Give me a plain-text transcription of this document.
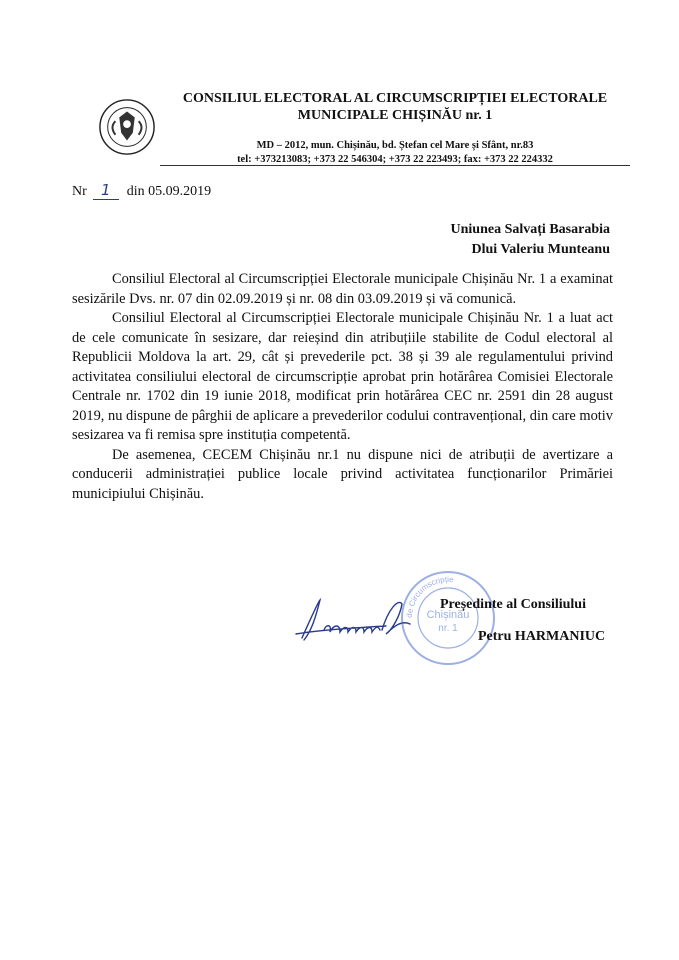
CONSILIUL ELECTORAL AL CIRCUMSCRIPȚIEI ELECTORALE
MUNICIPALE CHIȘINĂU nr. 1
MD – 2012, mun. Chișinău, bd. Ștefan cel Mare și Sfânt, nr.83
tel: +373213083; +373 22 546304; +373 22 223493; fax: +373 22 224332
Nr 1 din 05.09.2019
Uniunea Salvați Basarabia
Dlui Valeriu Munteanu

Consiliul Electoral al Circumscripției Electorale municipale Chișinău Nr. 1 a examinat sesizările Dvs. nr. 07 din 02.09.2019 și nr. 08 din 03.09.2019 și vă comunică.

Consiliul Electoral al Circumscripției Electorale municipale Chișinău Nr. 1 a luat act de cele comunicate în sesizare, dar reieșind din atribuțiile stabilite de Codul electoral al Republicii Moldova la art. 29, cât și prevederile pct. 38 și 39 ale regulamentului privind activitatea consiliului electoral de circumscripție aprobat prin hotărârea Comisiei Electorale Centrale nr. 1702 din 19 iunie 2018, modificat prin hotărârea CEC nr. 2591 din 28 august 2019, nu dispune de pârghii de aplicare a prevederilor codului contravențional, din care motiv sesizarea va fi remisa spre instituția competentă.

De asemenea, CECEM Chișinău nr.1 nu dispune nici de atribuții de avertizare a conducerii administrației publice locale privind activitatea funcționarilor Primăriei municipiului Chișinău.

de Circumscripție
Chișinău
nr. 1
Președinte al Consiliului
Petru HARMANIUC
